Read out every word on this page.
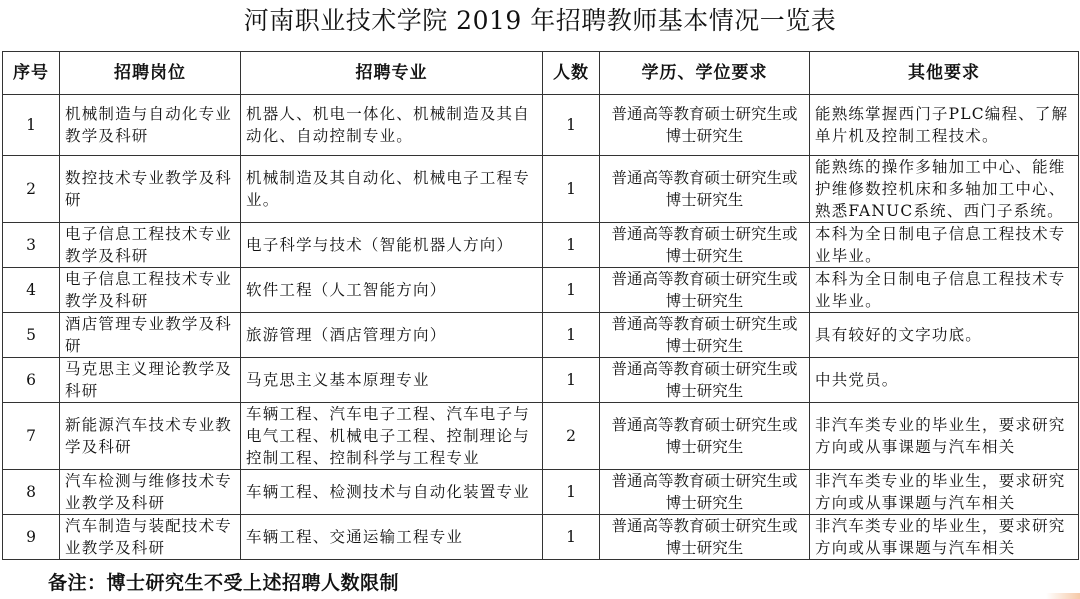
河南职业技术学院 2019 年招聘教师基本情况一览表
序号	招聘岗位	招聘专业	人数	学历、学位要求	其他要求
1	机械制造与自动化专业教学及科研	机器人、机电一体化、机械制造及其自动化、自动控制专业。	1	普通高等教育硕士研究生或博士研究生	能熟练掌握西门子PLC编程、了解单片机及控制工程技术。
2	数控技术专业教学及科研	机械制造及其自动化、机械电子工程专业。	1	普通高等教育硕士研究生或博士研究生	能熟练的操作多轴加工中心、能维护维修数控机床和多轴加工中心、熟悉FANUC系统、西门子系统。
3	电子信息工程技术专业教学及科研	电子科学与技术（智能机器人方向）	1	普通高等教育硕士研究生或博士研究生	本科为全日制电子信息工程技术专业毕业。
4	电子信息工程技术专业教学及科研	软件工程（人工智能方向）	1	普通高等教育硕士研究生或博士研究生	本科为全日制电子信息工程技术专业毕业。
5	酒店管理专业教学及科研	旅游管理（酒店管理方向）	1	普通高等教育硕士研究生或博士研究生	具有较好的文字功底。
6	马克思主义理论教学及科研	马克思主义基本原理专业	1	普通高等教育硕士研究生或博士研究生	中共党员。
7	新能源汽车技术专业教学及科研	车辆工程、汽车电子工程、汽车电子与电气工程、机械电子工程、控制理论与控制工程、控制科学与工程专业	2	普通高等教育硕士研究生或博士研究生	非汽车类专业的毕业生，要求研究方向或从事课题与汽车相关
8	汽车检测与维修技术专业教学及科研	车辆工程、检测技术与自动化装置专业	1	普通高等教育硕士研究生或博士研究生	非汽车类专业的毕业生，要求研究方向或从事课题与汽车相关
9	汽车制造与装配技术专业教学及科研	车辆工程、交通运输工程专业	1	普通高等教育硕士研究生或博士研究生	非汽车类专业的毕业生，要求研究方向或从事课题与汽车相关
备注：博士研究生不受上述招聘人数限制
